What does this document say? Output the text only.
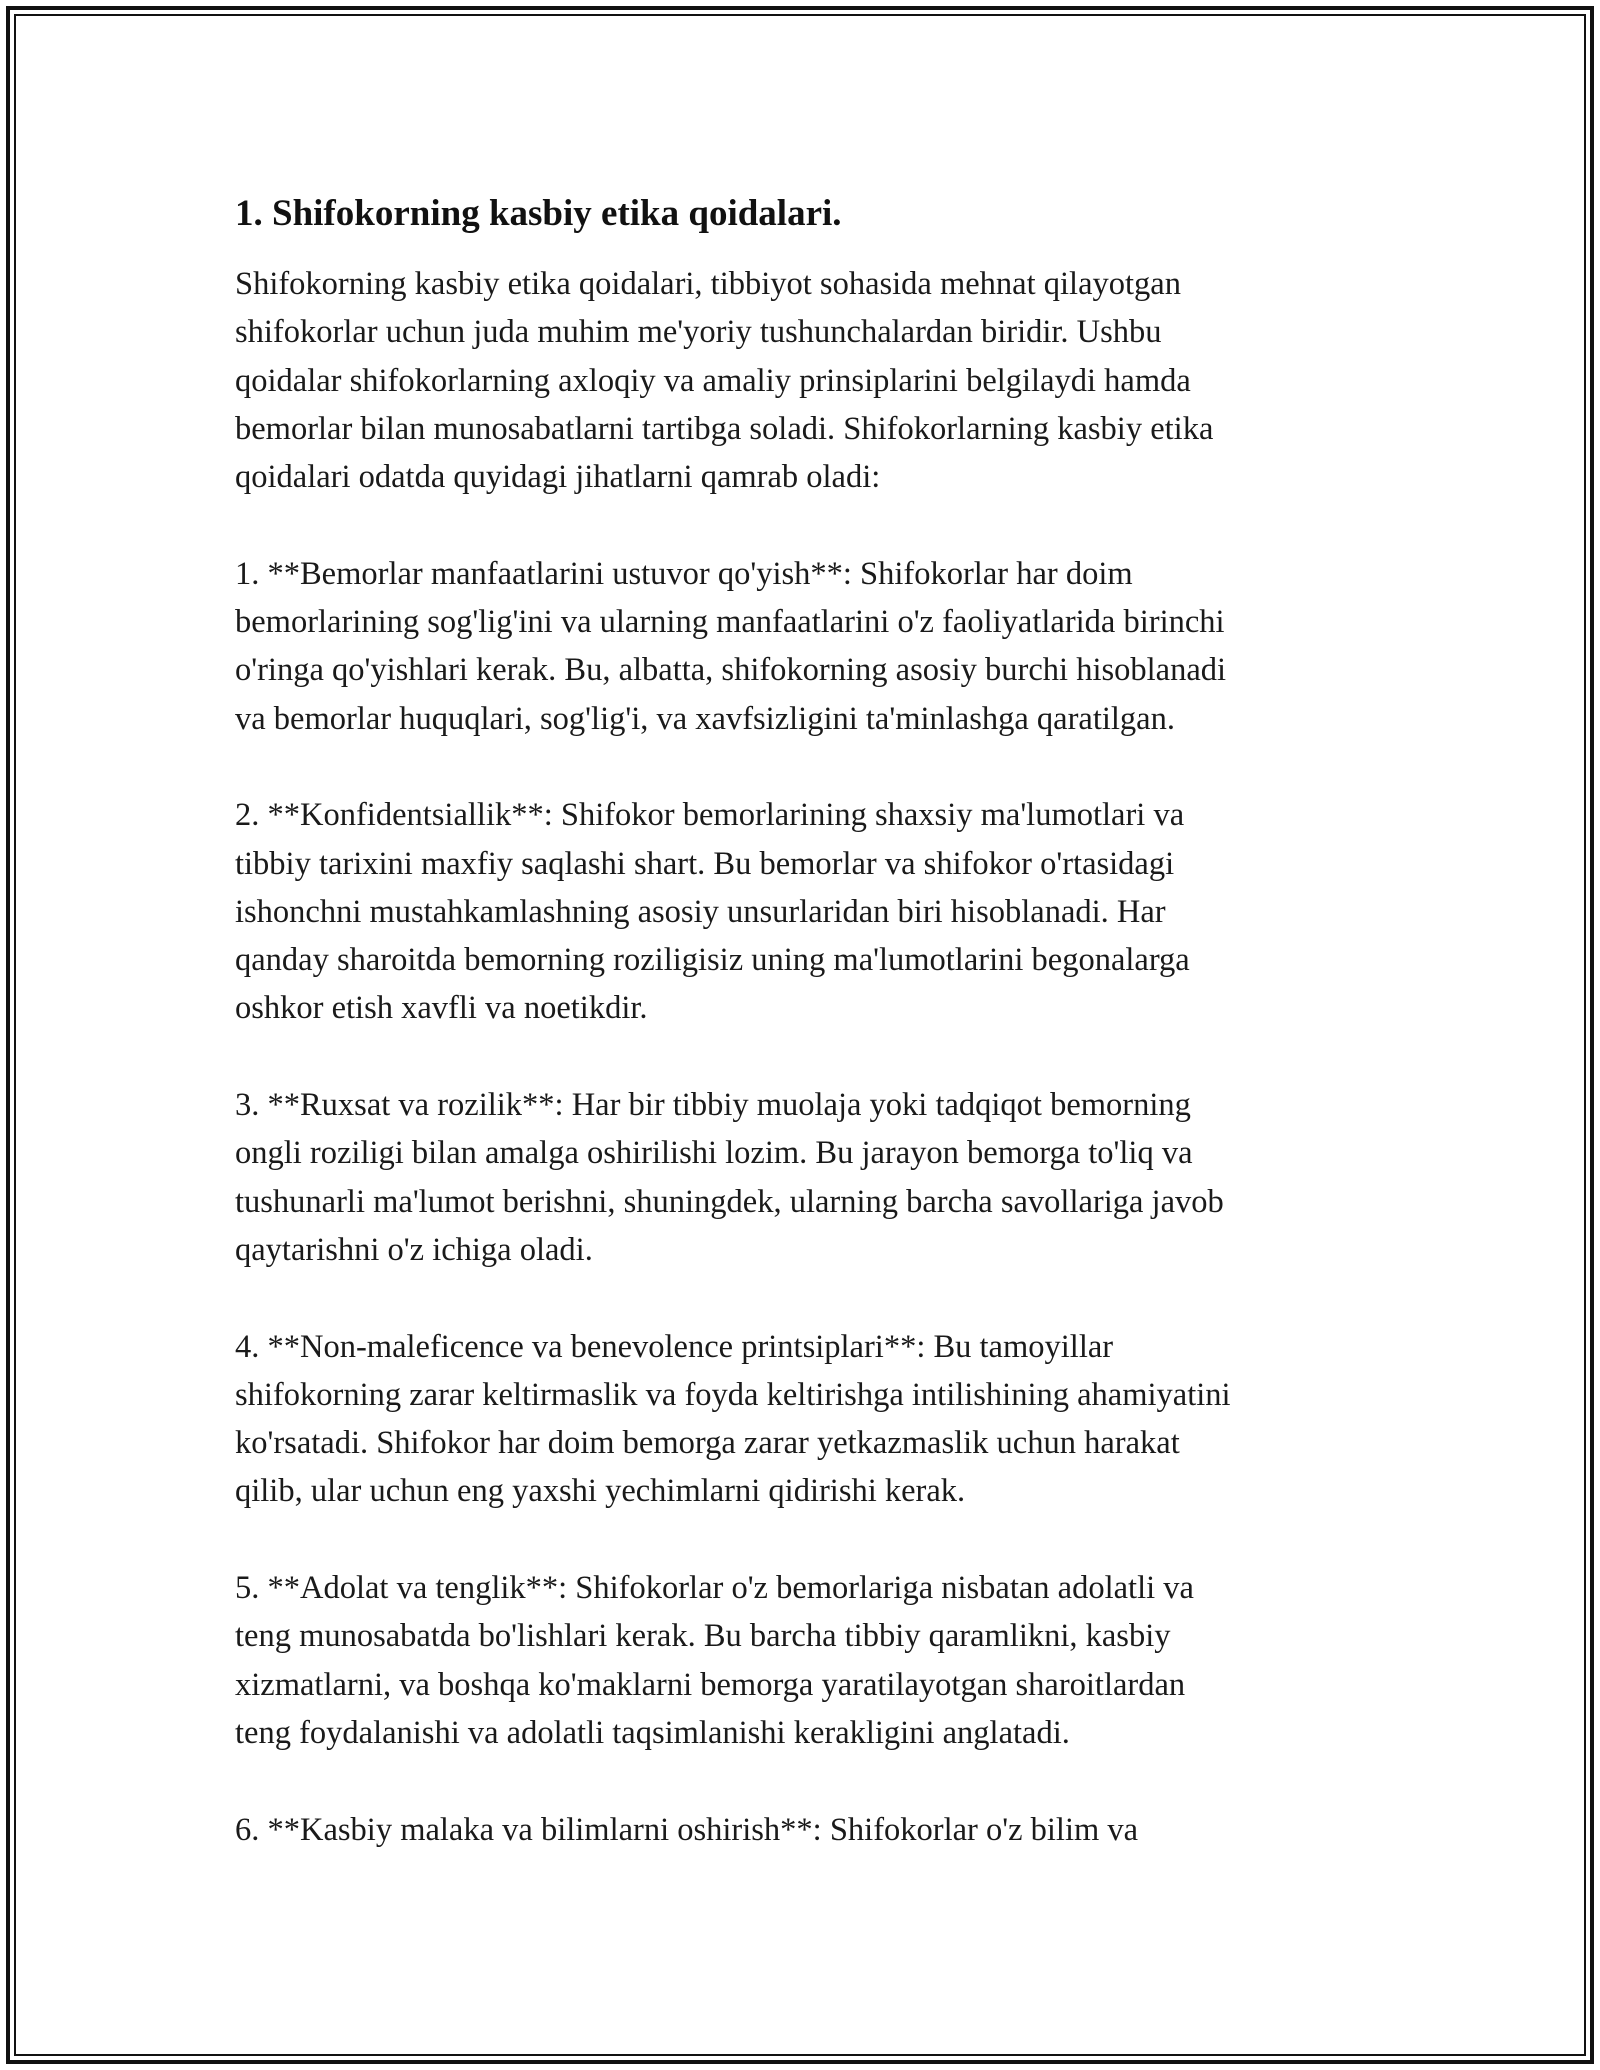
1. Shifokorning kasbiy etika qoidalari.
Shifokorning kasbiy etika qoidalari, tibbiyot sohasida mehnat qilayotgan
shifokorlar uchun juda muhim me'yoriy tushunchalardan biridir. Ushbu
qoidalar shifokorlarning axloqiy va amaliy prinsiplarini belgilaydi hamda
bemorlar bilan munosabatlarni tartibga soladi. Shifokorlarning kasbiy etika
qoidalari odatda quyidagi jihatlarni qamrab oladi:
1. **Bemorlar manfaatlarini ustuvor qo'yish**: Shifokorlar har doim
bemorlarining sog'lig'ini va ularning manfaatlarini o'z faoliyatlarida birinchi
o'ringa qo'yishlari kerak. Bu, albatta, shifokorning asosiy burchi hisoblanadi
va bemorlar huquqlari, sog'lig'i, va xavfsizligini ta'minlashga qaratilgan.
2. **Konfidentsiallik**: Shifokor bemorlarining shaxsiy ma'lumotlari va
tibbiy tarixini maxfiy saqlashi shart. Bu bemorlar va shifokor o'rtasidagi
ishonchni mustahkamlashning asosiy unsurlaridan biri hisoblanadi. Har
qanday sharoitda bemorning roziligisiz uning ma'lumotlarini begonalarga
oshkor etish xavfli va noetikdir.
3. **Ruxsat va rozilik**: Har bir tibbiy muolaja yoki tadqiqot bemorning
ongli roziligi bilan amalga oshirilishi lozim. Bu jarayon bemorga to'liq va
tushunarli ma'lumot berishni, shuningdek, ularning barcha savollariga javob
qaytarishni o'z ichiga oladi.
4. **Non-maleficence va benevolence printsiplari**: Bu tamoyillar
shifokorning zarar keltirmaslik va foyda keltirishga intilishining ahamiyatini
ko'rsatadi. Shifokor har doim bemorga zarar yetkazmaslik uchun harakat
qilib, ular uchun eng yaxshi yechimlarni qidirishi kerak.
5. **Adolat va tenglik**: Shifokorlar o'z bemorlariga nisbatan adolatli va
teng munosabatda bo'lishlari kerak. Bu barcha tibbiy qaramlikni, kasbiy
xizmatlarni, va boshqa ko'maklarni bemorga yaratilayotgan sharoitlardan
teng foydalanishi va adolatli taqsimlanishi kerakligini anglatadi.
6. **Kasbiy malaka va bilimlarni oshirish**: Shifokorlar o'z bilim va
